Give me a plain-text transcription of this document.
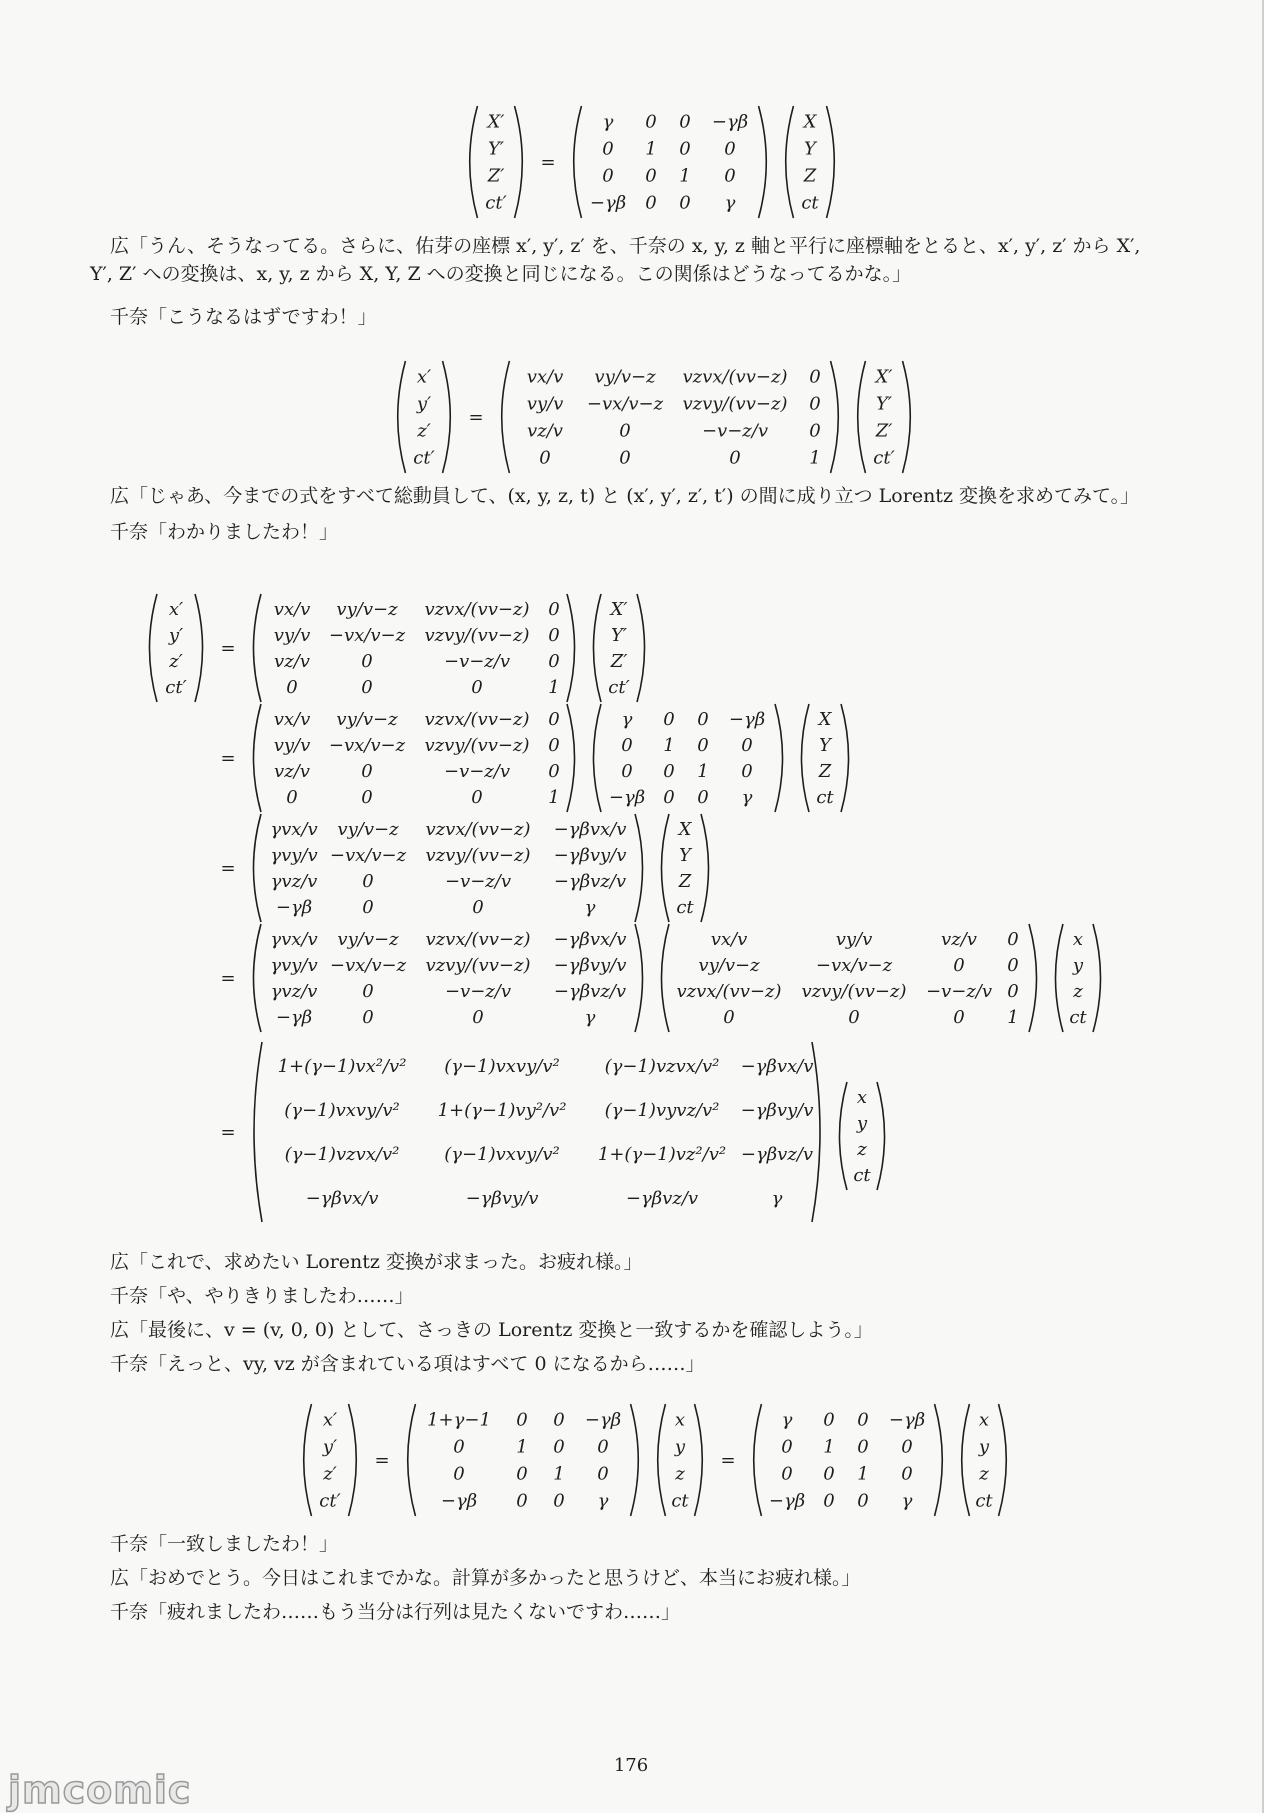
X′
Y′
Z′
ct′
=
γ
0
0
−γβ
0
1
0
0
0
0
1
0
−γβ
0
0
γ
X
Y
Z
ct
広「うん、そうなってる。さらに、佑芽の座標 x′, y′, z′ を、千奈の x, y, z 軸と平行に座標軸をとると、x′, y′, z′ から X′, Y′, Z′ への変換は、x, y, z から X, Y, Z への変換と同じになる。この関係はどうなってるかな。」
千奈「こうなるはずですわ！」
x′
y′
z′
ct′
=
vx/v
vy/v
vz/v
0
vy/v−z
−vx/v−z
0
0
vzvx/(vv−z)
vzvy/(vv−z)
−v−z/v
0
0
0
0
1
X′
Y′
Z′
ct′
広「じゃあ、今までの式をすべて総動員して、(x, y, z, t) と (x′, y′, z′, t′) の間に成り立つ Lorentz 変換を求めてみて。」
千奈「わかりましたわ！」
x′
y′
z′
ct′
=
vx/v
vy/v
vz/v
0
vy/v−z
−vx/v−z
0
0
vzvx/(vv−z)
vzvy/(vv−z)
−v−z/v
0
0
0
0
1
X′
Y′
Z′
ct′
=
vx/v
vy/v
vz/v
0
vy/v−z
−vx/v−z
0
0
vzvx/(vv−z)
vzvy/(vv−z)
−v−z/v
0
0
0
0
1
γ
0
0
−γβ
0
1
0
0
0
0
1
0
−γβ
0
0
γ
X
Y
Z
ct
=
γvx/v
γvy/v
γvz/v
−γβ
vy/v−z
−vx/v−z
0
0
vzvx/(vv−z)
vzvy/(vv−z)
−v−z/v
0
−γβvx/v
−γβvy/v
−γβvz/v
γ
X
Y
Z
ct
=
γvx/v
γvy/v
γvz/v
−γβ
vy/v−z
−vx/v−z
0
0
vzvx/(vv−z)
vzvy/(vv−z)
−v−z/v
0
−γβvx/v
−γβvy/v
−γβvz/v
γ
vx/v
vy/v−z
vzvx/(vv−z)
0
vy/v
−vx/v−z
vzvy/(vv−z)
0
vz/v
0
−v−z/v
0
0
0
0
1
x
y
z
ct
=
1+(γ−1)vx²/v²
(γ−1)vxvy/v²
(γ−1)vzvx/v²
−γβvx/v
(γ−1)vxvy/v²
1+(γ−1)vy²/v²
(γ−1)vxvy/v²
−γβvy/v
(γ−1)vzvx/v²
(γ−1)vyvz/v²
1+(γ−1)vz²/v²
−γβvz/v
−γβvx/v
−γβvy/v
−γβvz/v
γ
x
y
z
ct
広「これで、求めたい Lorentz 変換が求まった。お疲れ様。」
千奈「や、やりきりましたわ……」
広「最後に、v = (v, 0, 0) として、さっきの Lorentz 変換と一致するかを確認しよう。」
千奈「えっと、vy, vz が含まれている項はすべて 0 になるから……」
x′
y′
z′
ct′
=
1+γ−1
0
0
−γβ
0
1
0
0
0
0
1
0
−γβ
0
0
γ
x
y
z
ct
=
γ
0
0
−γβ
0
1
0
0
0
0
1
0
−γβ
0
0
γ
x
y
z
ct
千奈「一致しましたわ！」
広「おめでとう。今日はこれまでかな。計算が多かったと思うけど、本当にお疲れ様。」
千奈「疲れましたわ……もう当分は行列は見たくないですわ……」
176
jmcomic
